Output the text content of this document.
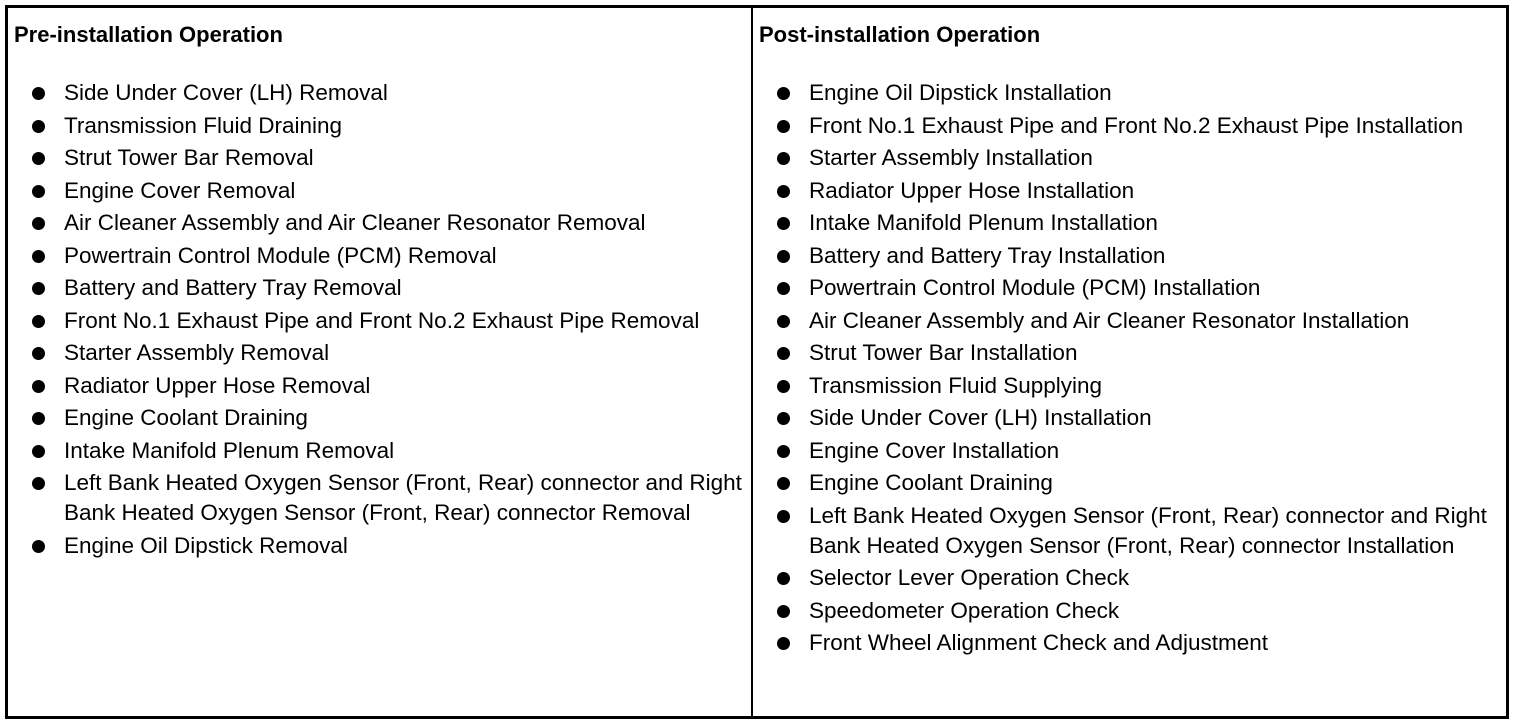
Pre-installation Operation
Side Under Cover (LH) Removal
Transmission Fluid Draining
Strut Tower Bar Removal
Engine Cover Removal
Air Cleaner Assembly and Air Cleaner Resonator Removal
Powertrain Control Module (PCM) Removal
Battery and Battery Tray Removal
Front No.1 Exhaust Pipe and Front No.2 Exhaust Pipe Removal
Starter Assembly Removal
Radiator Upper Hose Removal
Engine Coolant Draining
Intake Manifold Plenum Removal
Left Bank Heated Oxygen Sensor (Front, Rear) connector and Right Bank Heated Oxygen Sensor (Front, Rear) connector Removal
Engine Oil Dipstick Removal
Post-installation Operation
Engine Oil Dipstick Installation
Front No.1 Exhaust Pipe and Front No.2 Exhaust Pipe Installation
Starter Assembly Installation
Radiator Upper Hose Installation
Intake Manifold Plenum Installation
Battery and Battery Tray Installation
Powertrain Control Module (PCM) Installation
Air Cleaner Assembly and Air Cleaner Resonator Installation
Strut Tower Bar Installation
Transmission Fluid Supplying
Side Under Cover (LH) Installation
Engine Cover Installation
Engine Coolant Draining
Left Bank Heated Oxygen Sensor (Front, Rear) connector and Right Bank Heated Oxygen Sensor (Front, Rear) connector Installation
Selector Lever Operation Check
Speedometer Operation Check
Front Wheel Alignment Check and Adjustment
